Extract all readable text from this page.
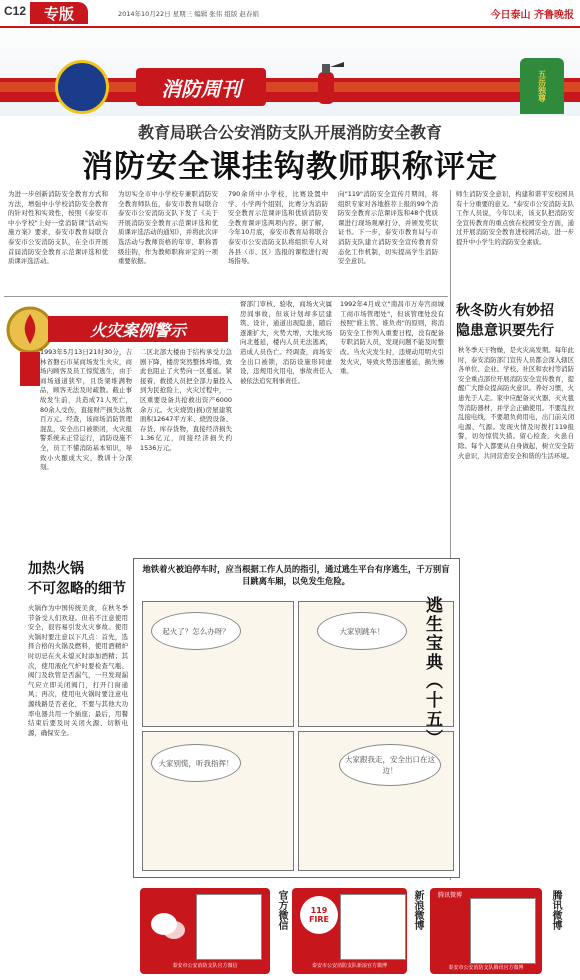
C12	专版	2014年10月22日 星期三 编辑 张伟 组版 赵春娟	今日泰山 齐鲁晚报
消防周刊	五岳独尊
教育局联合公安消防支队开展消防安全教育
消防安全课挂钩教师职称评定
为进一步创新消防安全教育方式和方法，增强中小学校消防安全教育的针对性和实效性，按照《泰安市中小学校"上好一堂消防课"活动实施方案》要求，泰安市教育局联合泰安市公安消防支队，在全市开展首届消防安全教育示范课评选和优质课评选活动。
为切实全市中小学校专兼职消防安全教育师队伍，泰安市教育局联合泰安市公安消防支队下发了《关于开展消防安全教育示范课评选和优质课评选活动的通知》，并将此次评选活动与教师资格的年审、职称晋级挂钩，作为教师职称评定的一项重要依据。
790余所中小学校，比赛设置中学、小学两个组别，比赛分为消防安全教育示范课评选和优质消防安全教育课评选两项内容。据了解，今年10月底，泰安市教育局将联合泰安市公安消防支队将组织专人对各县（市、区）选报的课程进行现场指导。
向"119"消防安全宣传月期间，将组织专家对各地推荐上报的99个消防安全教育示范课评选和48个优质课进行现场观摩打分，并颁发奖状证书。下一步，泰安市教育局与市消防支队建立消防安全宣传教育常态化工作机制，切实提高学生消防安全意识。
师生消防安全意识，构建和谐平安校园具有十分重要的意义。"泰安市公安消防支队工作人员说，今年以来，该支队把消防安全宣传教育的重点放在校园安全方面，通过开展消防安全教育进校园活动，进一步提升中小学生的消防安全素质。
火灾案例警示
1993年5月13日21时30分，吉林省磐石市某商场发生火灾，商场内顾客及员工惊慌逃生，由于商场通道狭窄，且货架堆满物品，顾客无法及时疏散。截止事故发生前，共造成71人死亡，80余人受伤，直接财产损失达数百万元。经查，该商场消防管理混乱，安全出口被锁闭，火灾报警系统未正常运行，消防设施不全，员工不懂消防基本知识，导致小火酿成大灾，教训十分深刻。
二区北部大楼由于结构承受力急剧下降，楼房突然整体垮塌，致此也阻止了火势向一区蔓延。紧接着，救援人员把全部力量投入到为民抢险上，火灾过程中，一区重要设备共抢救出资产6000余万元。火灾烧毁(损)房屋建筑面积12647平方米、烧毁设备、存货、库存货物，直接经济损失1.36亿元，间接经济损失约1536万元。
督部门审核、验收，商场火灾属房间事故，但该计划却多层建筑、设计，通道出现隐患，随后逐渐扩大，火势大增，大地火场向北蔓延，楼内人员无法逃离，造成人员伤亡。经调查，商场安全出口被锁，消防设施形同虚设，违规用火用电，事故责任人被依法追究刑事责任。
1992年4月成立"南昌市万寿宫商城工商市场管理处"，但该管理处没有按照"谁主管、谁负责"的原则，将消防安全工作列入重要日程，没有配备专职消防人员，发现问题不能及时整改。当火灾发生时，违规动用明火引发火灾，导致火势迅速蔓延，损失惨重。
加热火锅
不可忽略的细节
火锅作为中国传统美食，在秋冬季节备受人们欢迎。但若不注意使用安全，很容易引发火灾事故。使用火锅时要注意以下几点：首先，选择合格的火锅及燃料，使用酒精炉时切忌在火未熄灭时添加酒精；其次，使用液化气炉时要检查气瓶、阀门及软管是否漏气，一旦发现漏气应立即关闭阀门，打开门窗通风；再次，使用电火锅时要注意电源线路是否老化，不要与其他大功率电器共用一个插座；最后，用餐结束后要及时关闭火源、切断电源，确保安全。
秋冬防火有妙招
隐患意识要先行
秋冬季天干物燥，是火灾高发期。每年此时，泰安消防部门宣传人员都会深入辖区各单位、企业、学校、社区和农村等消防安全重点部位开展消防安全宣传教育，提醒广大群众提高防火意识。养好习惯，火患先于人走。家中应配备灭火器、灭火毯等消防器材，并学会正确使用。不要乱拉乱接电线，不要超负荷用电，出门前关闭电源、气源。发现火情及时拨打119报警，切勿惊慌失措。留心检查，火患自除。每个人都要从自身做起，树立安全防火意识，共同营造安全和谐的生活环境。
地铁着火被迫停车时，应当根据工作人员的指引，通过逃生平台有序逃生，千万别盲目跳离车厢，以免发生危险。
起火了？怎么办呀？	大家别跳车！
大家别慌，听我指挥！	大家跟我走，安全出口在这边！
逃生宝典（十五）
泰安市公安消防支队官方微信
官方微信	119 FIRE
泰安市公安消防支队新浪官方微博
新浪微博	腾讯微博
泰安市公安消防支队腾讯官方微博
腾讯微博
